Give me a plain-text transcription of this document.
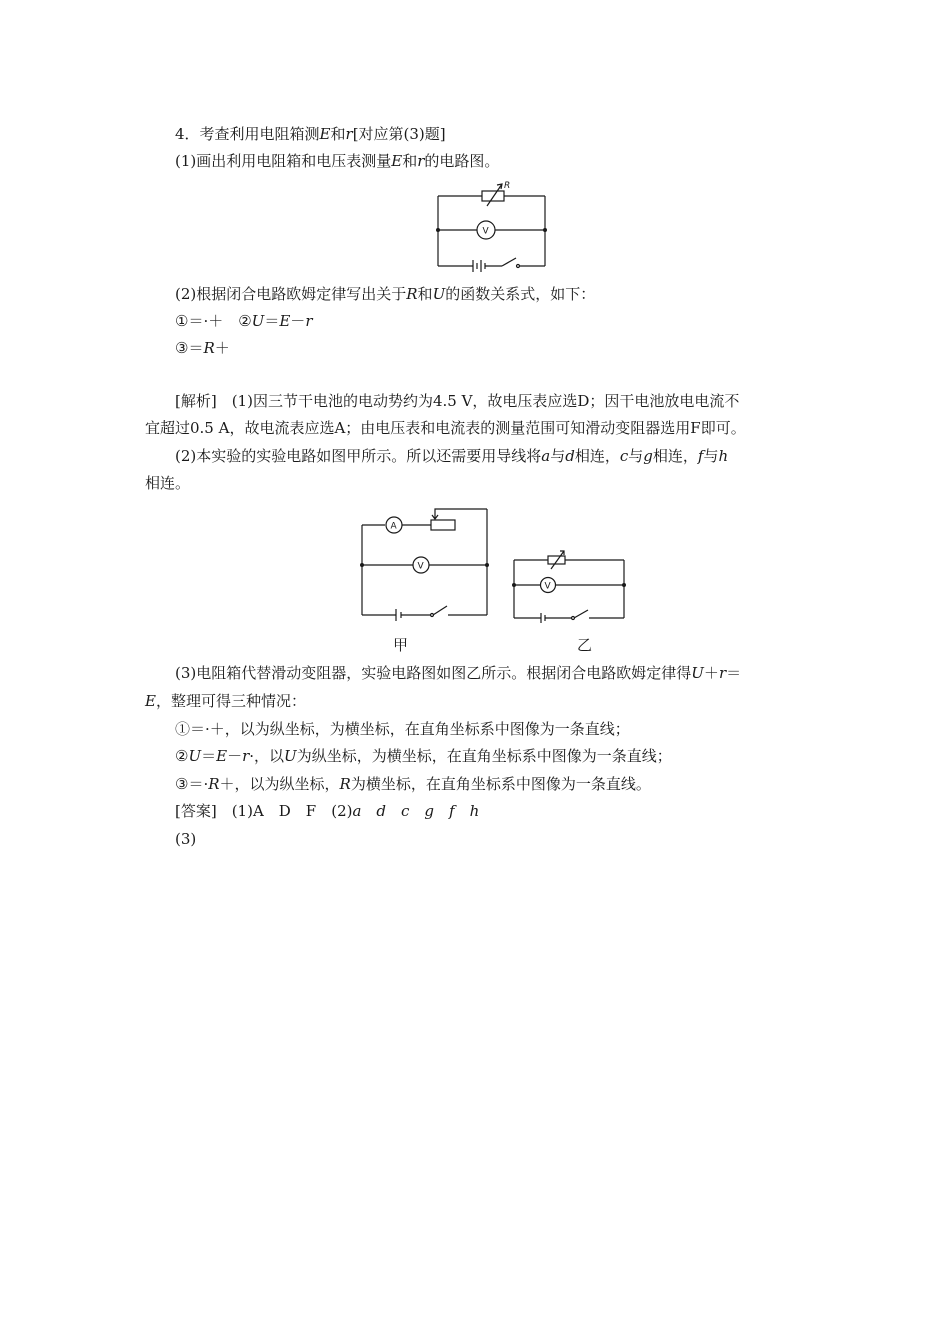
4．考查利用电阻箱测E和r[对应第(3)题]
(1)画出利用电阻箱和电压表测量E和r的电路图。
R
V
(2)根据闭合电路欧姆定律写出关于R和U的函数关系式，如下：
①＝·＋　②U＝E－r
③＝R＋
[解析]　(1)因三节干电池的电动势约为4.5 V，故电压表应选D；因干电池放电电流不
宜超过0.5 A，故电流表应选A；由电压表和电流表的测量范围可知滑动变阻器选用F即可。
(2)本实验的实验电路如图甲所示。所以还需要用导线将a与d相连，c与g相连，f与h
相连。
A
V
甲
V
乙
(3)电阻箱代替滑动变阻器，实验电路图如图乙所示。根据闭合电路欧姆定律得U＋r＝
E，整理可得三种情况：
①＝·＋，以为纵坐标，为横坐标，在直角坐标系中图像为一条直线；
②U＝E－r·，以U为纵坐标，为横坐标，在直角坐标系中图像为一条直线；
③＝·R＋，以为纵坐标，R为横坐标，在直角坐标系中图像为一条直线。
[答案]　(1)A　D　F　(2)a　d　c　g　f　h
(3)
